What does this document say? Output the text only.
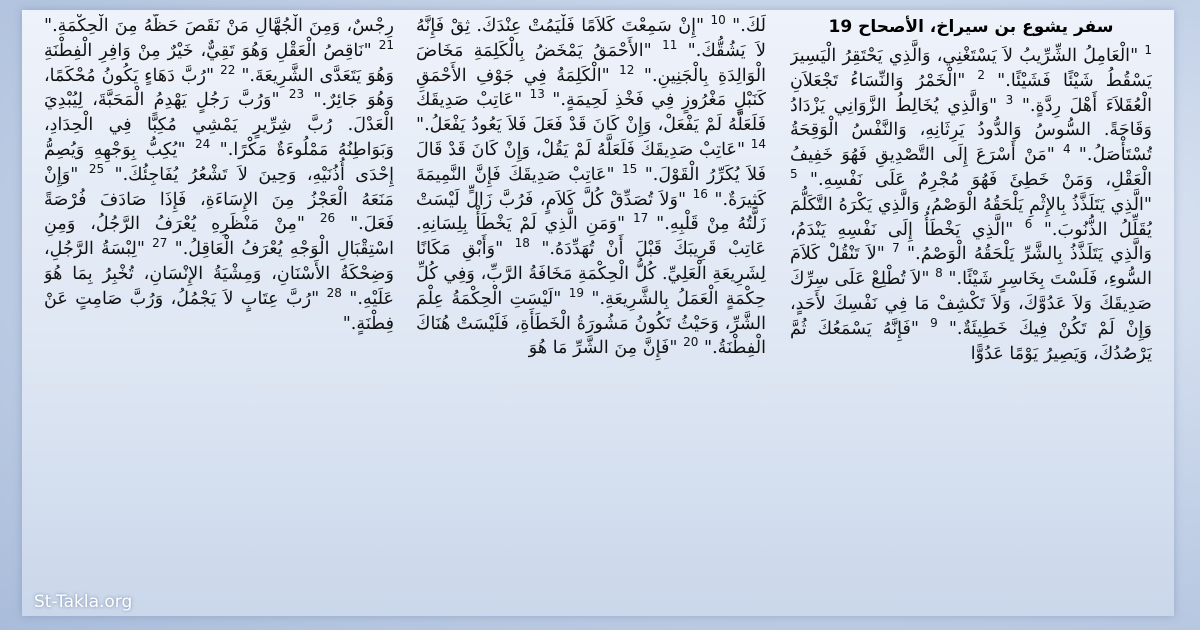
سفر يشوع بن سيراخ، الأصحاح 19
$^1$ "الْعَامِلُ الشِّرِّيبُ لاَ يَسْتَغْنِي، وَالَّذِي يَحْتَقِرُ الْيَسِيرَ يَسْقُطُ شَيْئًا فَشَيْئًا." $^2$ "الْخَمْرُ وَالنِّسَاءُ تَجْعَلاَنِ الْعُقَلاَءَ أَهْلَ رِدَّةٍ." $^3$ "وَالَّذِي يُخَالِطُ الزَّوَانِي يَزْدَادُ وَقَاحَةً. السُّوسُ وَالدُّودُ يَرِثَانِهِ، وَالنَّفْسُ الْوَقِحَةُ تُسْتَأْصَلُ." $^4$ "مَنْ أَسْرَعَ إِلَى التَّصْدِيقِ فَهُوَ خَفِيفُ الْعَقْلِ، وَمَنْ خَطِئَ فَهُوَ مُجْرِمٌ عَلَى نَفْسِهِ." $^5$ "الَّذِي يَتَلَذَّذُ بِالإِثْمِ يَلْحَقُهُ الْوَصْمُ، وَالَّذِي يَكْرَهُ التَّكَلُّمَ يُقَلِّلُ الذُّنُوبَ." $^6$ "الَّذِي يَخْطَأُ إِلَى نَفْسِهِ يَنْدَمُ، وَالَّذِي يَتَلَذَّذُ بِالشَّرِّ يَلْحَقُهُ الْوَصْمُ." $^7$ "لاَ تَنْقُلْ كَلاَمَ السُّوءِ، فَلَسْتَ بِخَاسِرٍ شَيْئًا." $^8$ "لاَ تُطْلِعْ عَلَى سِرِّكَ صَدِيقَكَ وَلاَ عَدُوَّكَ، وَلاَ تَكْشِفْ مَا فِي نَفْسِكَ لأَحَدٍ، وَإِنْ لَمْ تَكُنْ فِيكَ خَطِيئَةٌ." $^9$ "فَإِنَّهُ يَسْمَعُكَ ثُمَّ يَرْصُدُكَ، وَيَصِيرُ يَوْمًا عَدُوًّا
لَكَ." $^{10}$ "إِنْ سَمِعْتَ كَلاَمًا فَلْيَمُتْ عِنْدَكَ. ثِقْ فَإِنَّهُ لاَ يَشُقُّكَ." $^{11}$ "الأَحْمَقُ يَمْخَضُ بِالْكَلِمَةِ مَخَاضَ الْوَالِدَةِ بِالْجَنِينِ." $^{12}$ "الْكَلِمَةُ فِي جَوْفِ الأَحْمَقِ كَنَبْلٍ مَغْرُوزٍ فِي فَخْذِ لَحِيمَةٍ." $^{13}$ "عَاتِبْ صَدِيقَكَ فَلَعَلَّهُ لَمْ يَفْعَلْ، وَإِنْ كَانَ قَدْ فَعَلَ فَلاَ يَعُودُ يَفْعَلُ." $^{14}$ "عَاتِبْ صَدِيقَكَ فَلَعَلَّهُ لَمْ يَقُلْ، وَإِنْ كَانَ قَدْ قَالَ فَلاَ يُكَرِّرُ الْقَوْلَ." $^{15}$ "عَاتِبْ صَدِيقَكَ فَإِنَّ النَّمِيمَةَ كَثِيرَةٌ." $^{16}$ "وَلاَ تُصَدِّقْ كُلَّ كَلاَمٍ، فَرُبَّ زَالٍّ لَيْسَتْ زَلَّتُهُ مِنْ قَلْبِهِ." $^{17}$ "وَمَنِ الَّذِي لَمْ يَخْطَأْ بِلِسَانِهِ. عَاتِبْ قَرِيبَكَ قَبْلَ أَنْ تُهَدِّدَهُ." $^{18}$ "وَأَبْقِ مَكَانًا لِشَرِيعَةِ الْعَلِيِّ. كُلُّ الْحِكْمَةِ مَخَافَةُ الرَّبِّ، وَفِي كُلِّ حِكْمَةٍ الْعَمَلُ بِالشَّرِيعَةِ." $^{19}$ "لَيْسَتِ الْحِكْمَةُ عِلْمَ الشَّرِّ، وَحَيْثُ تَكُونُ مَشُورَةُ الْخَطَأَةِ، فَلَيْسَتْ هُنَاكَ الْفِطْنَةُ." $^{20}$ "فَإِنَّ مِنَ الشَّرِّ مَا هُوَ
رِجْسٌ، وَمِنَ الْجُهَّالِ مَنْ نَقَصَ حَظُّهُ مِنَ الْحِكْمَةِ." $^{21}$ "نَاقِصُ الْعَقْلِ وَهُوَ تَقِيٌّ، خَيْرٌ مِنْ وَافِرِ الْفِطْنَةِ وَهُوَ يَتَعَدَّى الشَّرِيعَةَ." $^{22}$ "رُبَّ دَهَاءٍ يَكُونُ مُحْكَمًا، وَهُوَ جَائِرٌ." $^{23}$ "وَرُبَّ رَجُلٍ يَهْدِمُ الْمَحَبَّةَ، لِيُبْدِيَ الْعَدْلَ. رُبَّ شِرِّيرٍ يَمْشِي مُكِبًّا فِي الْحِدَادِ، وَبَوَاطِنُهُ مَمْلُوءَةٌ مَكْرًا." $^{24}$ "يُكِبُّ بِوَجْهِهِ وَيُصِمُّ إِحْدَى أُذُنَيْهِ، وَحِينَ لاَ تَشْعُرُ يُفَاجِئُكَ." $^{25}$ "وَإِنْ مَنَعَهُ الْعَجْزُ مِنَ الإِسَاءَةِ، فَإِذَا صَادَفَ فُرْصَةً فَعَلَ." $^{26}$ "مِنْ مَنْظَرِهِ يُعْرَفُ الرَّجُلُ، وَمِنِ اسْتِقْبَالِ الْوَجْهِ يُعْرَفُ الْعَاقِلُ." $^{27}$ "لِبْسَةُ الرَّجُلِ، وَضِحْكَةُ الأَسْنَانِ، وَمِشْيَةُ الإِنْسَانِ، تُخْبِرُ بِمَا هُوَ عَلَيْهِ." $^{28}$ "رُبَّ عِتَابٍ لاَ يَجْمُلُ، وَرُبَّ صَامِتٍ عَنْ فِطْنَةٍ."
St-Takla.org
